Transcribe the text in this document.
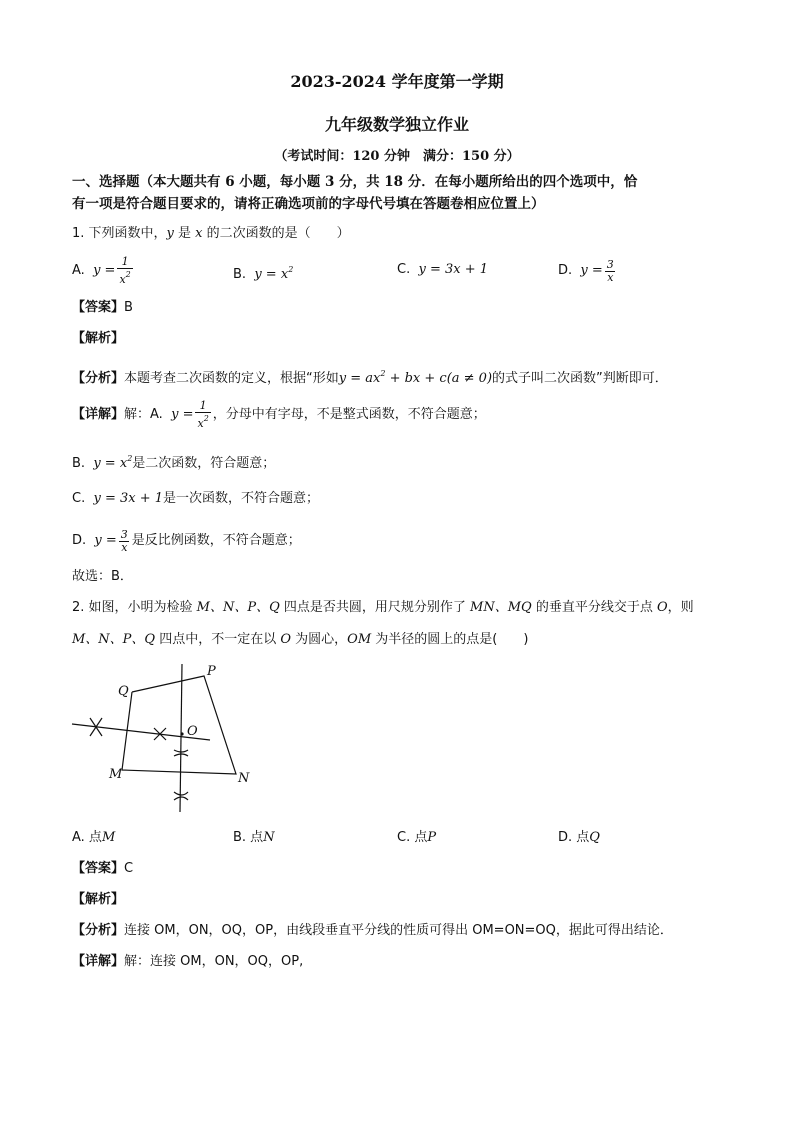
2023-2024 学年度第一学期
九年级数学独立作业
（考试时间：120 分钟　满分：150 分）
一、选择题（本大题共有 6 小题，每小题 3 分，共 18 分．在每小题所给出的四个选项中，恰
有一项是符合题目要求的，请将正确选项前的字母代号填在答题卷相应位置上）
1. 下列函数中，y 是 x 的二次函数的是（　　）
A.
$y = \frac{1}{x^2}$	B. $y = x^2$	C. y = 3x + 1	D.
$y = \frac{3}{x}$
【答案】B
【解析】
【分析】本题考查二次函数的定义，根据“形如$y = ax^2$ + bx + c(a ≠ 0)的式子叫二次函数”判断即可．
【详解】 解：A.
$y = \frac{1}{x^2}$ ，分母中有字母，不是整式函数，不符合题意；
B. $y = x^2$是二次函数，符合题意；
C. y = 3x + 1是一次函数，不符合题意；
D.
$y = \frac{3}{x}$ 是反比例函数，不符合题意；
故选：B．
2. 如图，小明为检验 M、N、P、Q 四点是否共圆，用尺规分别作了 MN、MQ 的垂直平分线交于点 O，则
M、N、P、Q 四点中，不一定在以 O 为圆心，OM 为半径的圆上的点是(　　)
P
Q
O
M	N
A. 点M	B. 点N	C. 点P	D. 点Q
【答案】C
【解析】
【分析】连接 OM，ON，OQ，OP，由线段垂直平分线的性质可得出 OM=ON=OQ，据此可得出结论．
【详解】解：连接 OM，ON，OQ，OP,
